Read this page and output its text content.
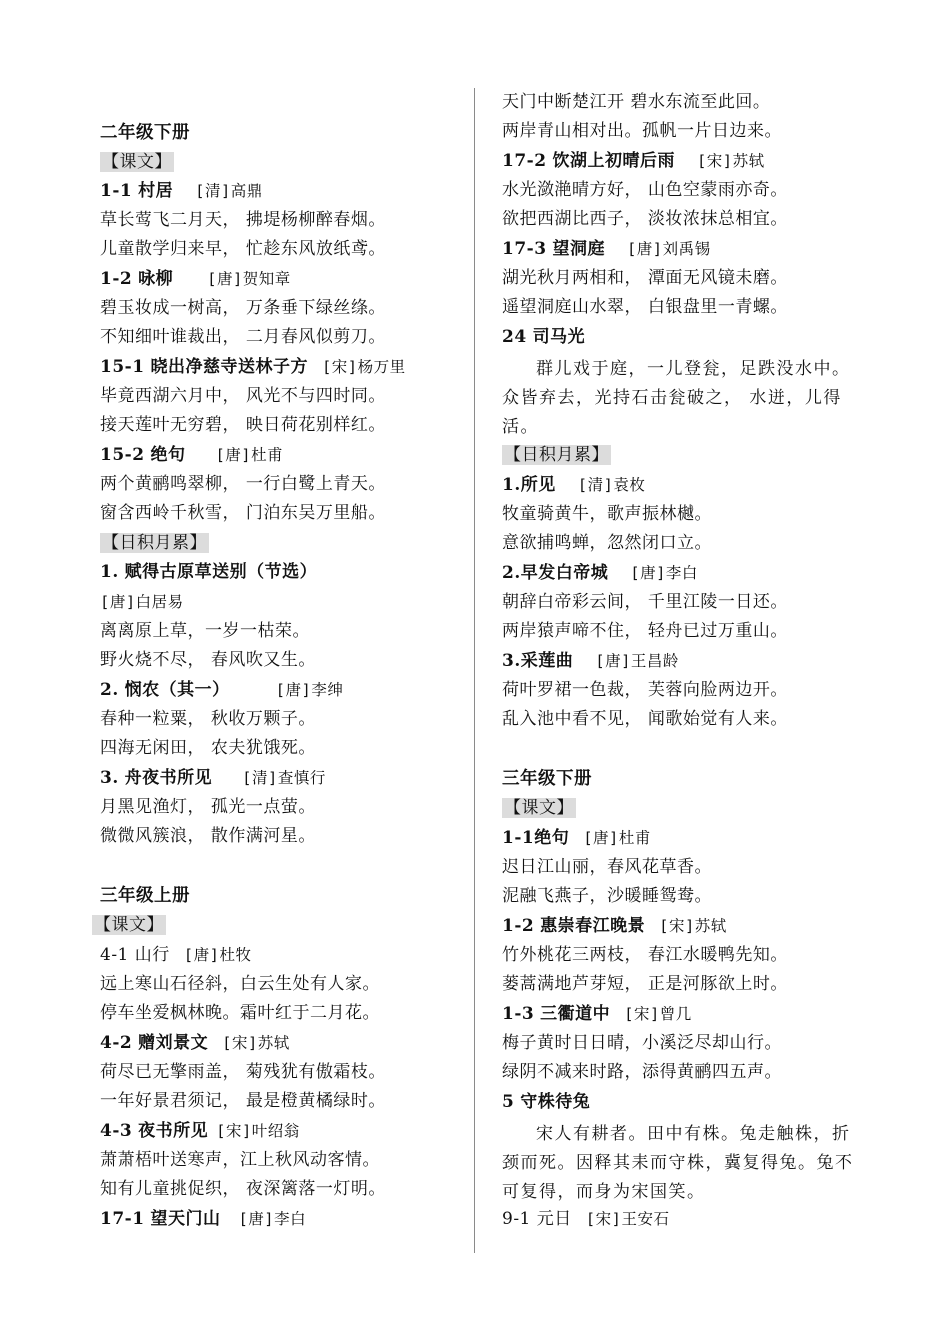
二年级下册
【课文】
1-1 村居 [清]高鼎
草长莺飞二月天， 拂堤杨柳醉春烟。
儿童散学归来早， 忙趁东风放纸鸢。
1-2 咏柳 [唐]贺知章
碧玉妆成一树高， 万条垂下绿丝绦。
不知细叶谁裁出， 二月春风似剪刀。
15-1 晓出净慈寺送林子方 [宋]杨万里
毕竟西湖六月中， 风光不与四时同。
接天莲叶无穷碧， 映日荷花别样红。
15-2 绝句 [唐]杜甫
两个黄鹂鸣翠柳， 一行白鹭上青天。
窗含西岭千秋雪， 门泊东吴万里船。
【日积月累】
1. 赋得古原草送别（节选）
[唐]白居易
离离原上草，一岁一枯荣。
野火烧不尽， 春风吹又生。
2. 悯农（其一）	[唐]李绅
春种一粒粟， 秋收万颗子。
四海无闲田， 农夫犹饿死。
3. 舟夜书所见 [清]查慎行
月黑见渔灯， 孤光一点萤。
微微风簇浪， 散作满河星。
三年级上册
【课文】
4-1 山行 [唐]杜牧
远上寒山石径斜，白云生处有人家。
停车坐爱枫林晚。霜叶红于二月花。
4-2 赠刘景文 [宋]苏轼
荷尽已无擎雨盖， 菊残犹有傲霜枝。
一年好景君须记， 最是橙黄橘绿时。
4-3 夜书所见 [宋]叶绍翁
萧萧梧叶送寒声，江上秋风动客情。
知有儿童挑促织， 夜深篱落一灯明。
17-1 望天门山 [唐]李白
天门中断楚江开 碧水东流至此回。
两岸青山相对出。孤帆一片日边来。
17-2 饮湖上初晴后雨 [宋]苏轼
水光潋滟晴方好， 山色空蒙雨亦奇。
欲把西湖比西子， 淡妆浓抹总相宜。
17-3 望洞庭 [唐]刘禹锡
湖光秋月两相和， 潭面无风镜未磨。
遥望洞庭山水翠， 白银盘里一青螺。
24 司马光
群儿戏于庭，一儿登瓮，足跌没水中。众皆弃去，光持石击瓮破之， 水迸，儿得活。
【日积月累】
1.所见 [清]袁枚
牧童骑黄牛，歌声振林樾。
意欲捕鸣蝉，忽然闭口立。
2.早发白帝城 [唐]李白
朝辞白帝彩云间， 千里江陵一日还。
两岸猿声啼不住， 轻舟已过万重山。
3.采莲曲 [唐]王昌龄
荷叶罗裙一色裁， 芙蓉向脸两边开。
乱入池中看不见， 闻歌始觉有人来。
三年级下册
【课文】
1-1绝句 [唐]杜甫
迟日江山丽，春风花草香。
泥融飞燕子，沙暖睡鸳鸯。
1-2 惠崇春江晚景 [宋]苏轼
竹外桃花三两枝， 春江水暖鸭先知。
蒌蒿满地芦芽短， 正是河豚欲上时。
1-3 三衢道中 [宋]曾几
梅子黄时日日晴，小溪泛尽却山行。
绿阴不减来时路，添得黄鹂四五声。
5 守株待兔
宋人有耕者。田中有株。兔走触株，折颈而死。因释其耒而守株，冀复得兔。兔不可复得，而身为宋国笑。
9-1 元日 [宋]王安石
